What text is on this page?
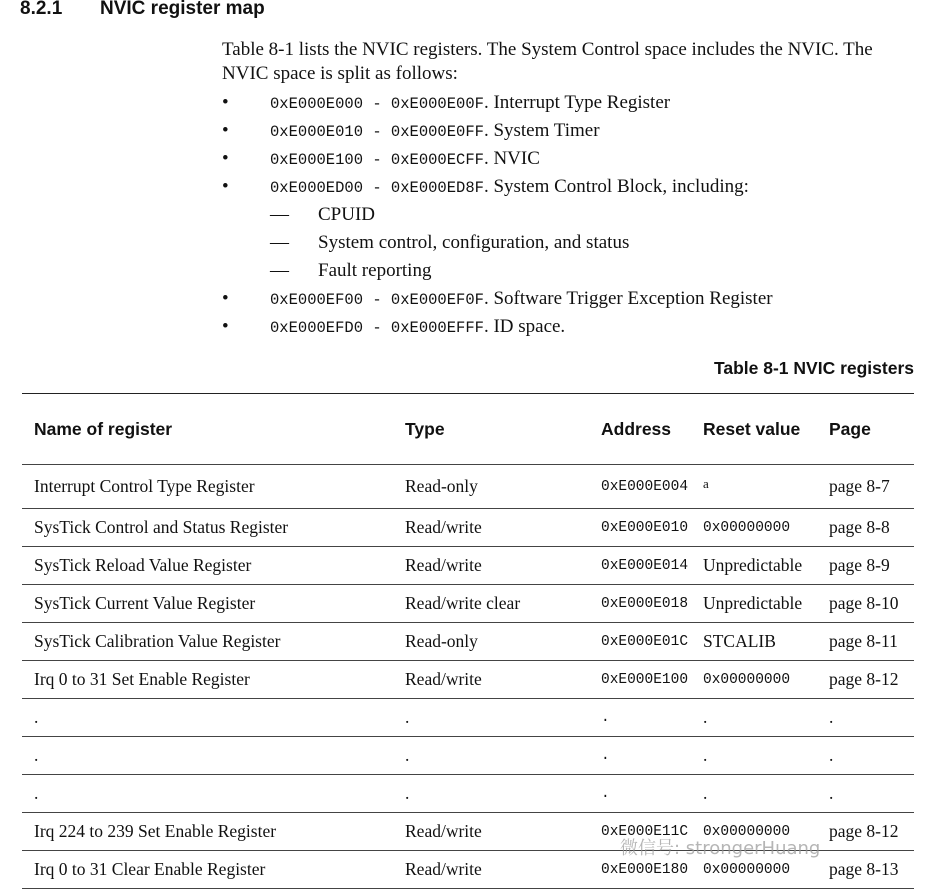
8.2.1 NVIC register map

Table 8-1 lists the NVIC registers. The System Control space includes the NVIC. The NVIC space is split as follows:

•	0xE000E000 - 0xE000E00F. Interrupt Type Register
•	0xE000E010 - 0xE000E0FF. System Timer
•	0xE000E100 - 0xE000ECFF. NVIC
•	0xE000ED00 - 0xE000ED8F. System Control Block, including:
— CPUID
— System control, configuration, and status
— Fault reporting
•	0xE000EF00 - 0xE000EF0F. Software Trigger Exception Register
•	0xE000EFD0 - 0xE000EFFF. ID space.
Table 8-1 NVIC registers
Name of register	Type	Address	Reset value	Page
Interrupt Control Type Register	Read-only	0xE000E004	a	page 8-7
SysTick Control and Status Register	Read/write	0xE000E010	0x00000000	page 8-8
SysTick Reload Value Register	Read/write	0xE000E014	Unpredictable	page 8-9
SysTick Current Value Register	Read/write clear	0xE000E018	Unpredictable	page 8-10
SysTick Calibration Value Register	Read-only	0xE000E01C	STCALIB	page 8-11
Irq 0 to 31 Set Enable Register	Read/write	0xE000E100	0x00000000	page 8-12
.	.	.	.	.
.	.	.	.	.
.	.	.	.	.
Irq 224 to 239 Set Enable Register	Read/write	0xE000E11C	0x00000000	page 8-12
Irq 0 to 31 Clear Enable Register	Read/write	0xE000E180	0x00000000	page 8-13
微信号: strongerHuang
